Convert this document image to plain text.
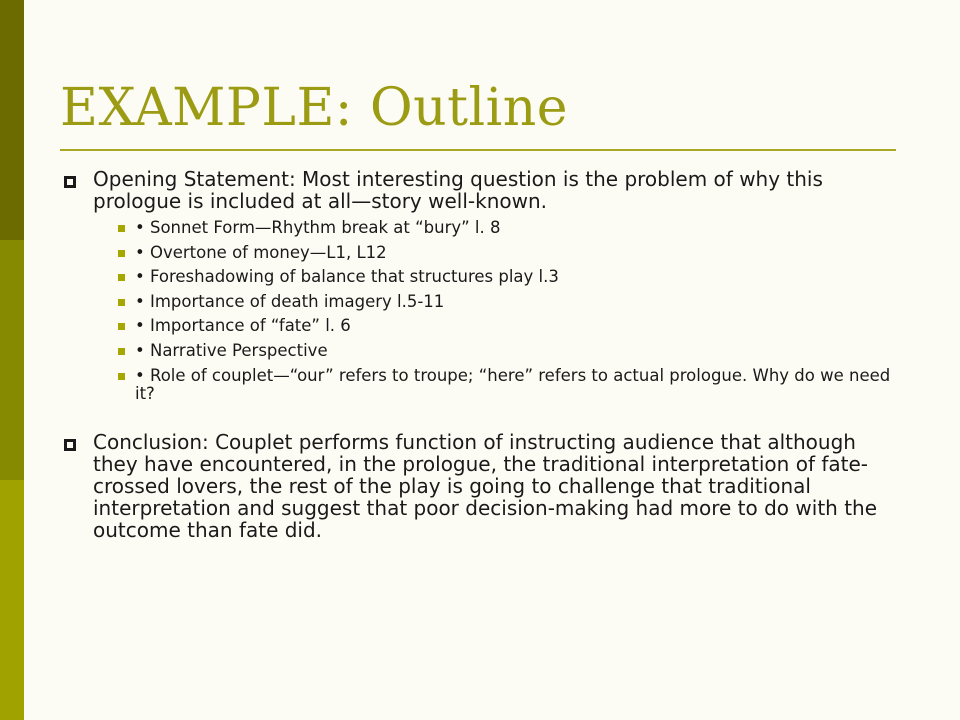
EXAMPLE: Outline
Opening Statement: Most interesting question is the problem of why this prologue is included at all—story well-known.
• Sonnet Form—Rhythm break at “bury” l. 8
• Overtone of money—L1, L12
• Foreshadowing of balance that structures play l.3
• Importance of death imagery l.5-11
• Importance of “fate” l. 6
• Narrative Perspective
• Role of couplet—“our” refers to troupe; “here” refers to actual prologue. Why do we need it?
Conclusion: Couplet performs function of instructing audience that although they have encountered, in the prologue, the traditional interpretation of fate-crossed lovers, the rest of the play is going to challenge that traditional interpretation and suggest that poor decision-making had more to do with the outcome than fate did.
